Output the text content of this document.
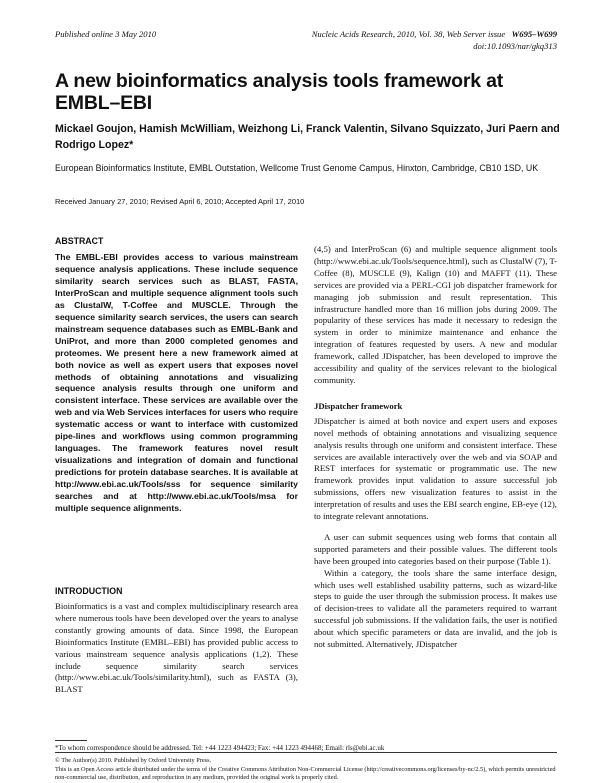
Published online 3 May 2010	Nucleic Acids Research, 2010, Vol. 38, Web Server issue W695–W699
doi:10.1093/nar/gkq313
A new bioinformatics analysis tools framework at EMBL–EBI
Mickael Goujon, Hamish McWilliam, Weizhong Li, Franck Valentin, Silvano Squizzato, Juri Paern and Rodrigo Lopez*
European Bioinformatics Institute, EMBL Outstation, Wellcome Trust Genome Campus, Hinxton, Cambridge, CB10 1SD, UK
Received January 27, 2010; Revised April 6, 2010; Accepted April 17, 2010
ABSTRACT
The EMBL-EBI provides access to various mainstream sequence analysis applications. These include sequence similarity search services such as BLAST, FASTA, InterProScan and multiple sequence alignment tools such as ClustalW, T-Coffee and MUSCLE. Through the sequence similarity search services, the users can search mainstream sequence databases such as EMBL-Bank and UniProt, and more than 2000 completed genomes and proteomes. We present here a new framework aimed at both novice as well as expert users that exposes novel methods of obtaining annotations and visualizing sequence analysis results through one uniform and consistent interface. These services are available over the web and via Web Services interfaces for users who require systematic access or want to interface with customized pipe-lines and workflows using common programming languages. The framework features novel result visualizations and integration of domain and functional predictions for protein database searches. It is available at http://www.ebi.ac.uk/Tools/sss for sequence similarity searches and at http://www.ebi.ac.uk/Tools/msa for multiple sequence alignments.
INTRODUCTION
Bioinformatics is a vast and complex multidisciplinary research area where numerous tools have been developed over the years to analyse constantly growing amounts of data. Since 1998, the European Bioinformatics Institute (EMBL–EBI) has provided public access to various mainstream sequence analysis applications (1,2). These include sequence similarity search services (http://www.ebi.ac.uk/Tools/similarity.html), such as FASTA (3), BLAST

(4,5) and InterProScan (6) and multiple sequence alignment tools (http://www.ebi.ac.uk/Tools/sequence.html), such as ClustalW (7), T-Coffee (8), MUSCLE (9), Kalign (10) and MAFFT (11). These services are provided via a PERL-CGI job dispatcher framework for managing job submission and result representation. This infrastructure handled more than 16 million jobs during 2009. The popularity of these services has made it necessary to redesign the system in order to minimize maintenance and enhance the integration of features requested by users. A new and modular framework, called JDispatcher, has been developed to improve the accessibility and quality of the services relevant to the biological community.

JDispatcher framework

JDispatcher is aimed at both novice and expert users and exposes novel methods of obtaining annotations and visualizing sequence analysis results through one uniform and consistent interface. These services are available interactively over the web and via SOAP and REST interfaces for systematic or programmatic use. The new framework provides input validation to assure successful job submissions, offers new visualization features to assist in the interpretation of results and uses the EBI search engine, EB-eye (12), to integrate relevant annotations.

A user can submit sequences using web forms that contain all supported parameters and their possible values. The different tools have been grouped into categories based on their purpose (Table 1).

Within a category, the tools share the same interface design, which uses well established usability patterns, such as wizard-like steps to guide the user through the submission process. It makes use of decision-trees to validate all the parameters required to warrant successful job submissions. If the validation fails, the user is notified about which specific parameters or data are invalid, and the job is not submitted. Alternatively, JDispatcher

*To whom correspondence should be addressed. Tel: +44 1223 494423; Fax: +44 1223 494468; Email: rls@ebi.ac.uk
© The Author(s) 2010. Published by Oxford University Press.
This is an Open Access article distributed under the terms of the Creative Commons Attribution Non-Commercial License (http://creativecommons.org/licenses/by-nc/2.5), which permits unrestricted non-commercial use, distribution, and reproduction in any medium, provided the original work is properly cited.
